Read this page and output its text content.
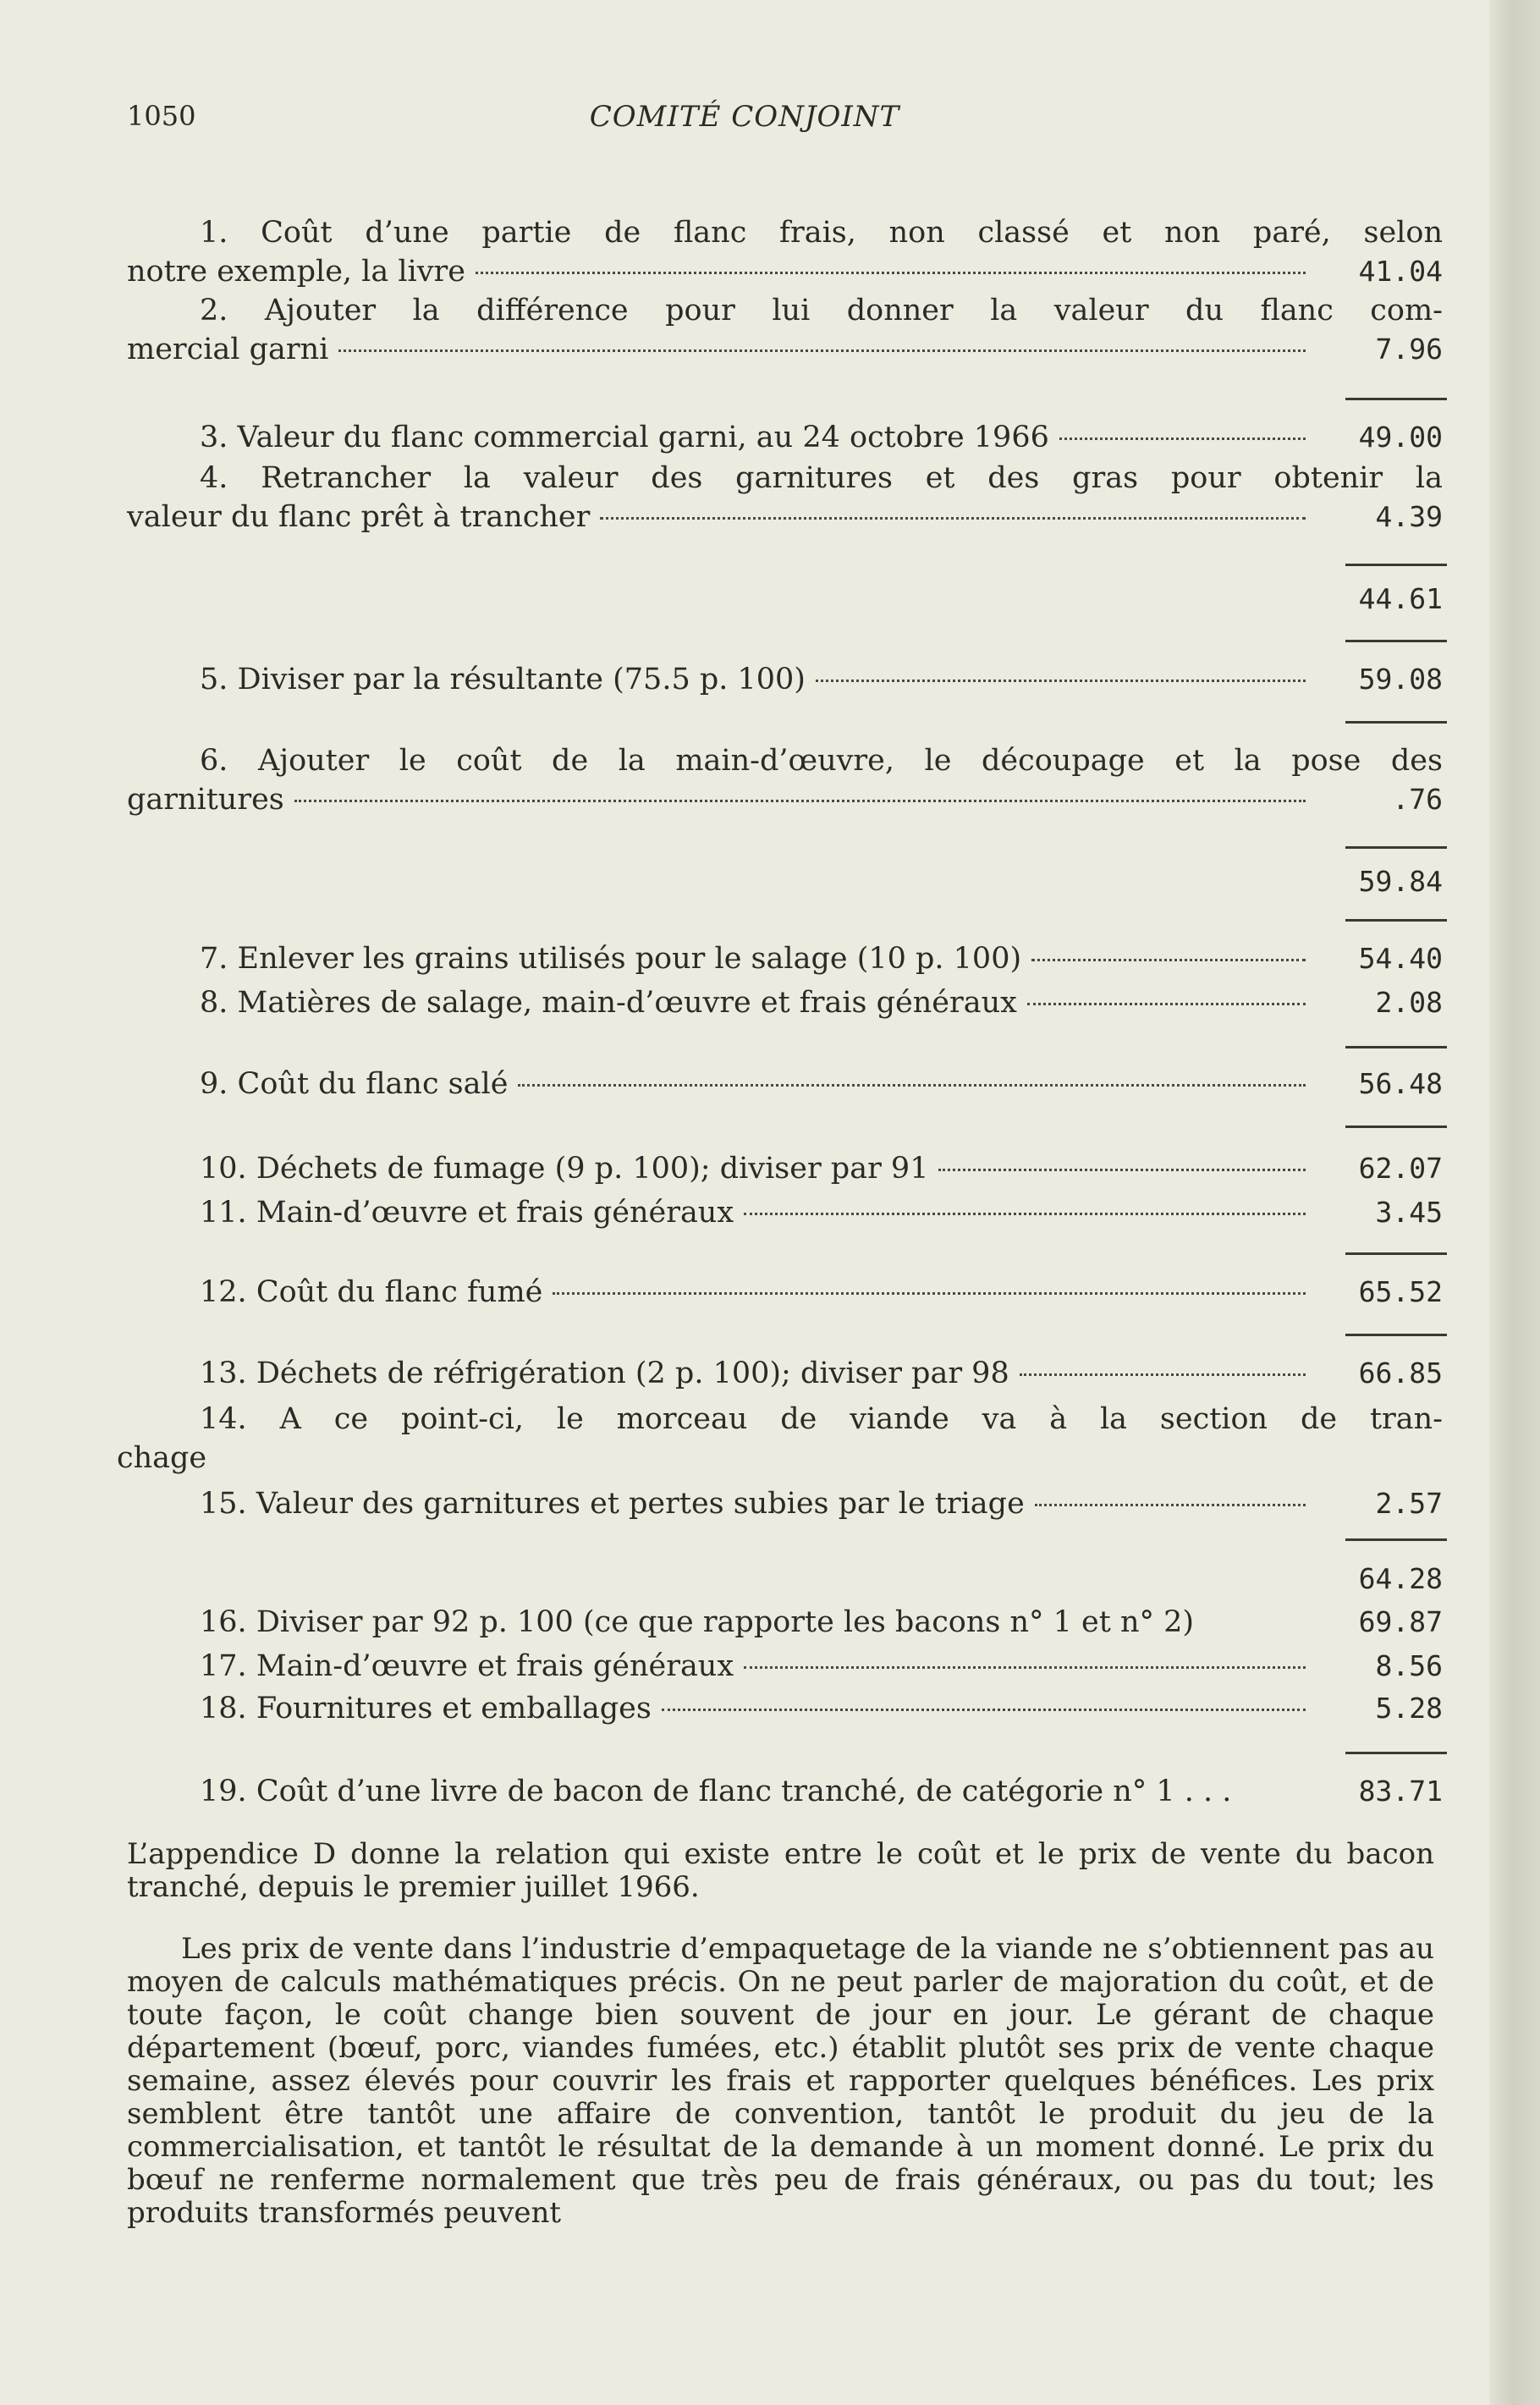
1050	COMITÉ CONJOINT
1. Coût d’une partie de flanc frais, non classé et non paré, selon
notre exemple, la livre	41.04
2. Ajouter la différence pour lui donner la valeur du flanc com-
mercial garni	7.96
3. Valeur du flanc commercial garni, au 24 octobre 1966	49.00
4. Retrancher la valeur des garnitures et des gras pour obtenir la
valeur du flanc prêt à trancher	4.39
44.61
5. Diviser par la résultante (75.5 p. 100)	59.08
6. Ajouter le coût de la main-d’œuvre, le découpage et la pose des
garnitures	.76
59.84
7. Enlever les grains utilisés pour le salage (10 p. 100)	54.40
8. Matières de salage, main-d’œuvre et frais généraux	2.08
9. Coût du flanc salé	56.48
10. Déchets de fumage (9 p. 100); diviser par 91	62.07
11. Main-d’œuvre et frais généraux	3.45
12. Coût du flanc fumé	65.52
13. Déchets de réfrigération (2 p. 100); diviser par 98	66.85
14. A ce point-ci, le morceau de viande va à la section de tran-
chage
15. Valeur des garnitures et pertes subies par le triage	2.57
64.28
16. Diviser par 92 p. 100 (ce que rapporte les bacons n° 1 et n° 2)	69.87
17. Main-d’œuvre et frais généraux	8.56
18. Fournitures et emballages	5.28
19. Coût d’une livre de bacon de flanc tranché, de catégorie n° 1 . . .	83.71

L’appendice D donne la relation qui existe entre le coût et le prix de vente du bacon tranché, depuis le premier juillet 1966.

Les prix de vente dans l’industrie d’empaquetage de la viande ne s’obtiennent pas au moyen de calculs mathématiques précis. On ne peut parler de majoration du coût, et de toute façon, le coût change bien souvent de jour en jour. Le gérant de chaque département (bœuf, porc, viandes fumées, etc.) établit plutôt ses prix de vente chaque semaine, assez élevés pour couvrir les frais et rapporter quelques bénéfices. Les prix semblent être tantôt une affaire de convention, tantôt le produit du jeu de la commercialisation, et tantôt le résultat de la demande à un moment donné. Le prix du bœuf ne renferme normalement que très peu de frais généraux, ou pas du tout; les produits transformés peuvent
